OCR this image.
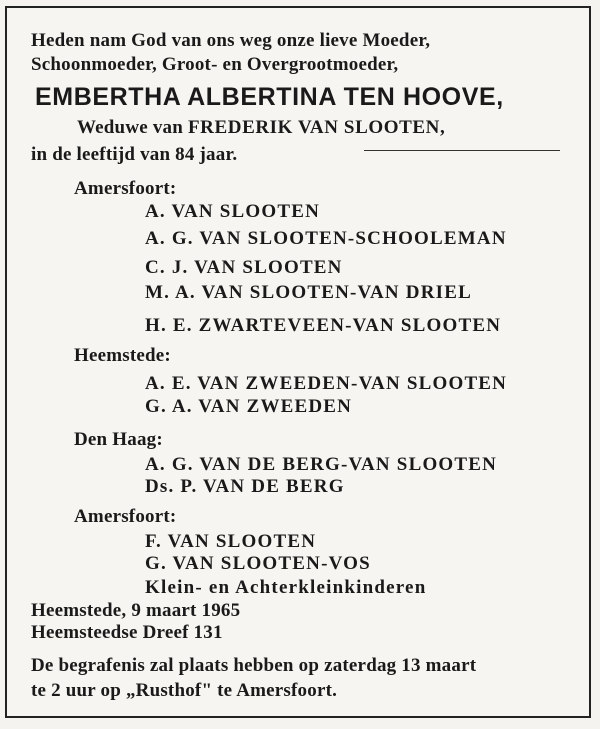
Heden nam God van ons weg onze lieve Moeder,
Schoonmoeder, Groot- en Overgrootmoeder,
EMBERTHA ALBERTINA TEN HOOVE,
Weduwe van FREDERIK VAN SLOOTEN,
in de leeftijd van 84 jaar.
Amersfoort:
A. VAN SLOOTEN
A. G. VAN SLOOTEN-SCHOOLEMAN
C. J. VAN SLOOTEN
M. A. VAN SLOOTEN-VAN DRIEL
H. E. ZWARTEVEEN-VAN SLOOTEN
Heemstede:
A. E. VAN ZWEEDEN-VAN SLOOTEN
G. A. VAN ZWEEDEN
Den Haag:
A. G. VAN DE BERG-VAN SLOOTEN
Ds. P. VAN DE BERG
Amersfoort:
F. VAN SLOOTEN
G. VAN SLOOTEN-VOS
Klein- en Achterkleinkinderen
Heemstede, 9 maart 1965
Heemsteedse Dreef 131
De begrafenis zal plaats hebben op zaterdag 13 maart
te 2 uur op „Rusthof" te Amersfoort.
